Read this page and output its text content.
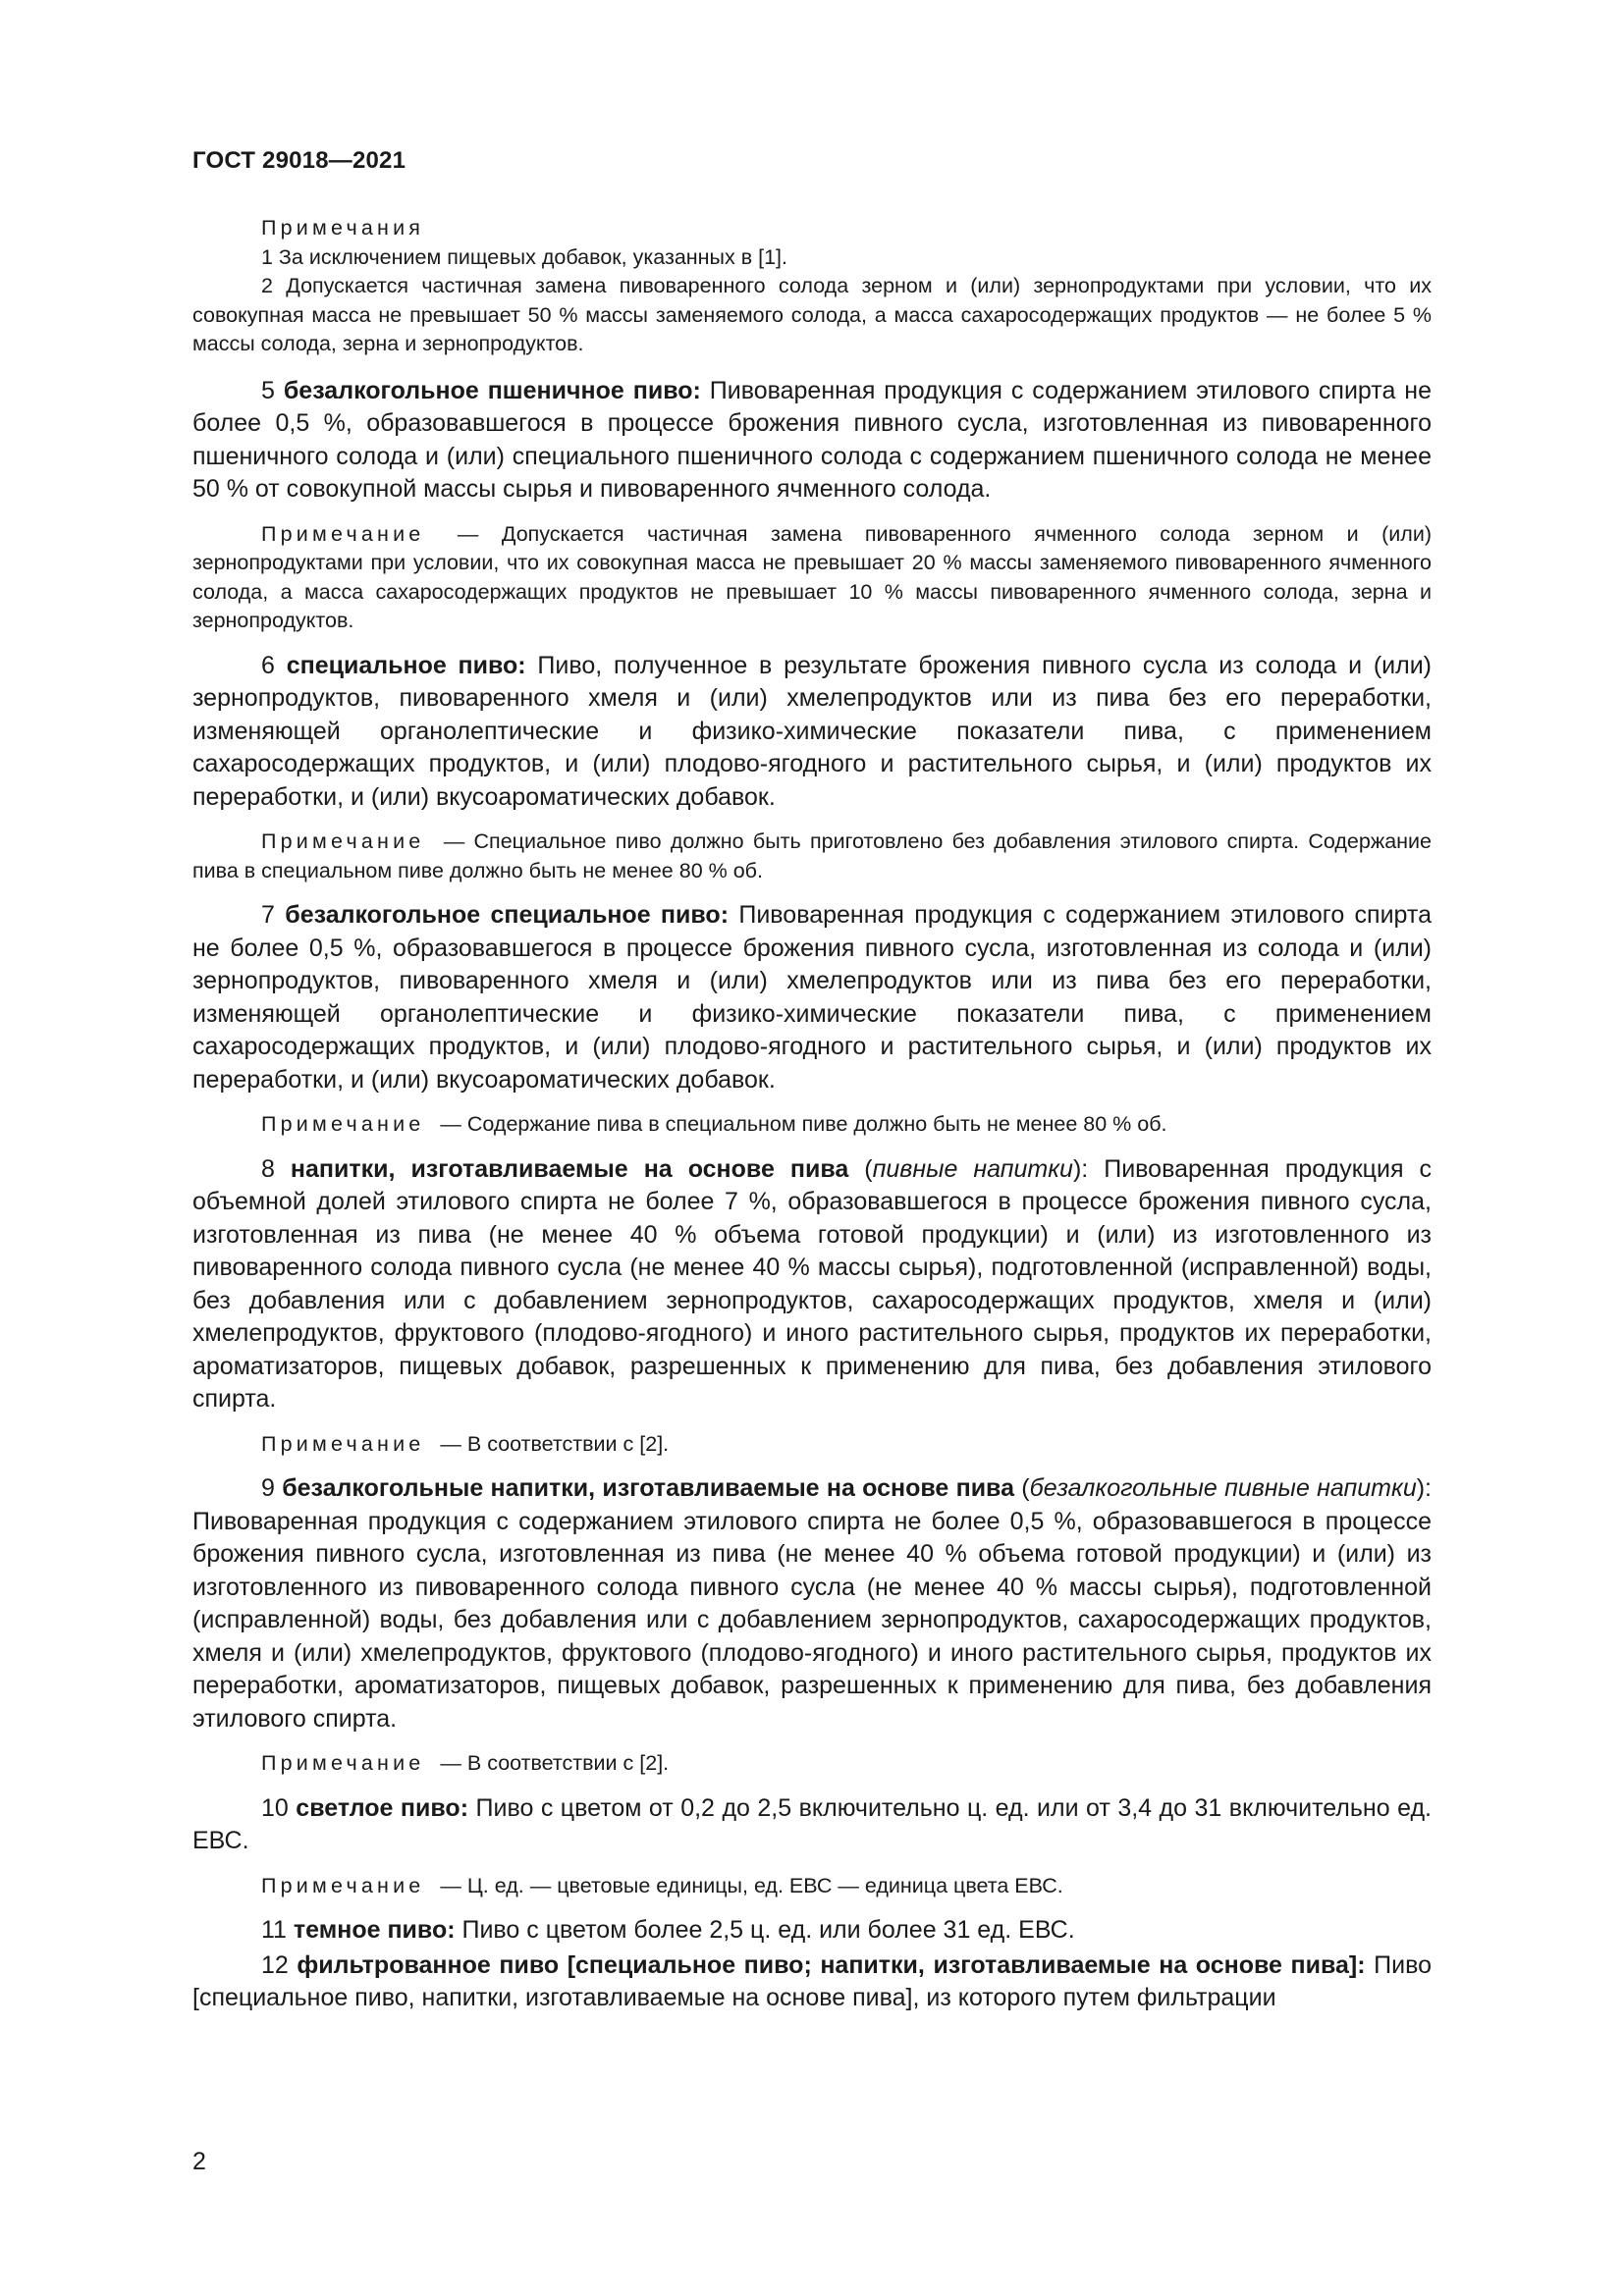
ГОСТ 29018—2021

Примечания

1 За исключением пищевых добавок, указанных в [1].

2 Допускается частичная замена пивоваренного солода зерном и (или) зернопродуктами при условии, что их совокупная масса не превышает 50 % массы заменяемого солода, а масса сахаросодержащих продуктов — не более 5 % массы солода, зерна и зернопродуктов.

5 безалкогольное пшеничное пиво: Пивоваренная продукция с содержанием этилового спирта не более 0,5 %, образовавшегося в процессе брожения пивного сусла, изготовленная из пивоваренного пшеничного солода и (или) специального пшеничного солода с содержанием пшеничного солода не менее 50 % от совокупной массы сырья и пивоваренного ячменного солода.

Примечание — Допускается частичная замена пивоваренного ячменного солода зерном и (или) зернопродуктами при условии, что их совокупная масса не превышает 20 % массы заменяемого пивоваренного ячменного солода, а масса сахаросодержащих продуктов не превышает 10 % массы пивоваренного ячменного солода, зерна и зернопродуктов.

6 специальное пиво: Пиво, полученное в результате брожения пивного сусла из солода и (или) зернопродуктов, пивоваренного хмеля и (или) хмелепродуктов или из пива без его переработки, изменяющей органолептические и физико-химические показатели пива, с применением сахаросодержащих продуктов, и (или) плодово-ягодного и растительного сырья, и (или) продуктов их переработки, и (или) вкусоароматических добавок.

Примечание — Специальное пиво должно быть приготовлено без добавления этилового спирта. Содержание пива в специальном пиве должно быть не менее 80 % об.

7 безалкогольное специальное пиво: Пивоваренная продукция с содержанием этилового спирта не более 0,5 %, образовавшегося в процессе брожения пивного сусла, изготовленная из солода и (или) зернопродуктов, пивоваренного хмеля и (или) хмелепродуктов или из пива без его переработки, изменяющей органолептические и физико-химические показатели пива, с применением сахаросодержащих продуктов, и (или) плодово-ягодного и растительного сырья, и (или) продуктов их переработки, и (или) вкусоароматических добавок.

Примечание — Содержание пива в специальном пиве должно быть не менее 80 % об.

8 напитки, изготавливаемые на основе пива (пивные напитки): Пивоваренная продукция с объемной долей этилового спирта не более 7 %, образовавшегося в процессе брожения пивного сусла, изготовленная из пива (не менее 40 % объема готовой продукции) и (или) из изготовленного из пивоваренного солода пивного сусла (не менее 40 % массы сырья), подготовленной (исправленной) воды, без добавления или с добавлением зернопродуктов, сахаросодержащих продуктов, хмеля и (или) хмелепродуктов, фруктового (плодово-ягодного) и иного растительного сырья, продуктов их переработки, ароматизаторов, пищевых добавок, разрешенных к применению для пива, без добавления этилового спирта.

Примечание — В соответствии с [2].

9 безалкогольные напитки, изготавливаемые на основе пива (безалкогольные пивные напитки): Пивоваренная продукция с содержанием этилового спирта не более 0,5 %, образовавшегося в процессе брожения пивного сусла, изготовленная из пива (не менее 40 % объема готовой продукции) и (или) из изготовленного из пивоваренного солода пивного сусла (не менее 40 % массы сырья), подготовленной (исправленной) воды, без добавления или с добавлением зернопродуктов, сахаросодержащих продуктов, хмеля и (или) хмелепродуктов, фруктового (плодово-ягодного) и иного растительного сырья, продуктов их переработки, ароматизаторов, пищевых добавок, разрешенных к применению для пива, без добавления этилового спирта.

Примечание — В соответствии с [2].

10 светлое пиво: Пиво с цветом от 0,2 до 2,5 включительно ц. ед. или от 3,4 до 31 включительно ед. ЕВС.

Примечание — Ц. ед. — цветовые единицы, ед. ЕВС — единица цвета ЕВС.

11 темное пиво: Пиво с цветом более 2,5 ц. ед. или более 31 ед. ЕВС.

12 фильтрованное пиво [специальное пиво; напитки, изготавливаемые на основе пива]: Пиво [специальное пиво, напитки, изготавливаемые на основе пива], из которого путем фильтрации

2
